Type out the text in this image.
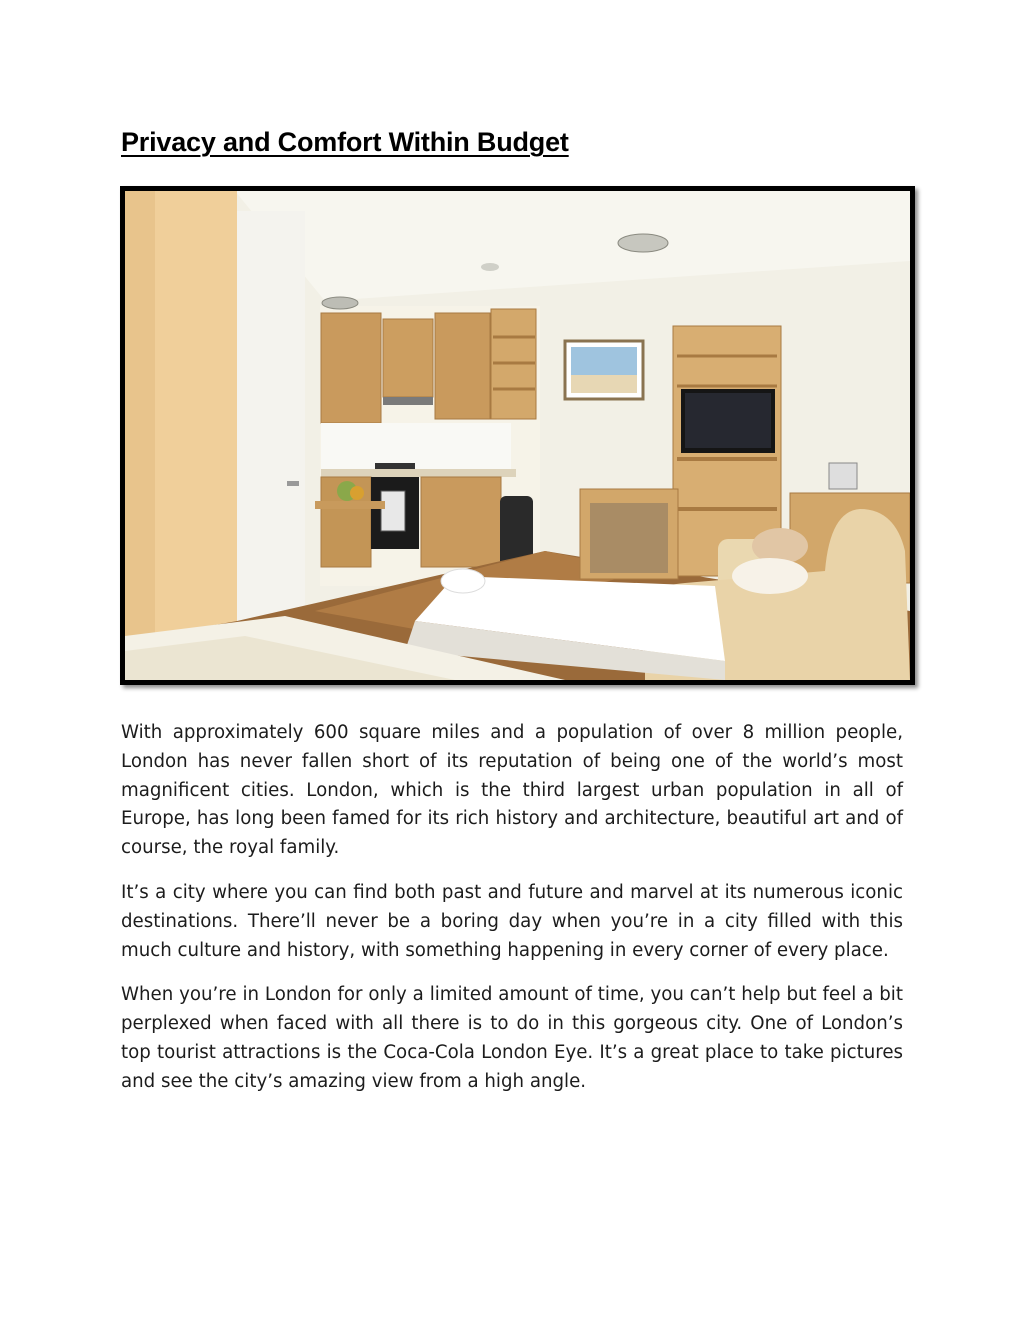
Privacy and Comfort Within Budget

With approximately 600 square miles and a population of over 8 million people, London has never fallen short of its reputation of being one of the world’s most magnificent cities. London, which is the third largest urban population in all of Europe, has long been famed for its rich history and architecture, beautiful art and of course, the royal family.

It’s a city where you can find both past and future and marvel at its numerous iconic destinations. There’ll never be a boring day when you’re in a city filled with this much culture and history, with something happening in every corner of every place.

When you’re in London for only a limited amount of time, you can’t help but feel a bit perplexed when faced with all there is to do in this gorgeous city. One of London’s top tourist attractions is the Coca-Cola London Eye. It’s a great place to take pictures and see the city’s amazing view from a high angle.
